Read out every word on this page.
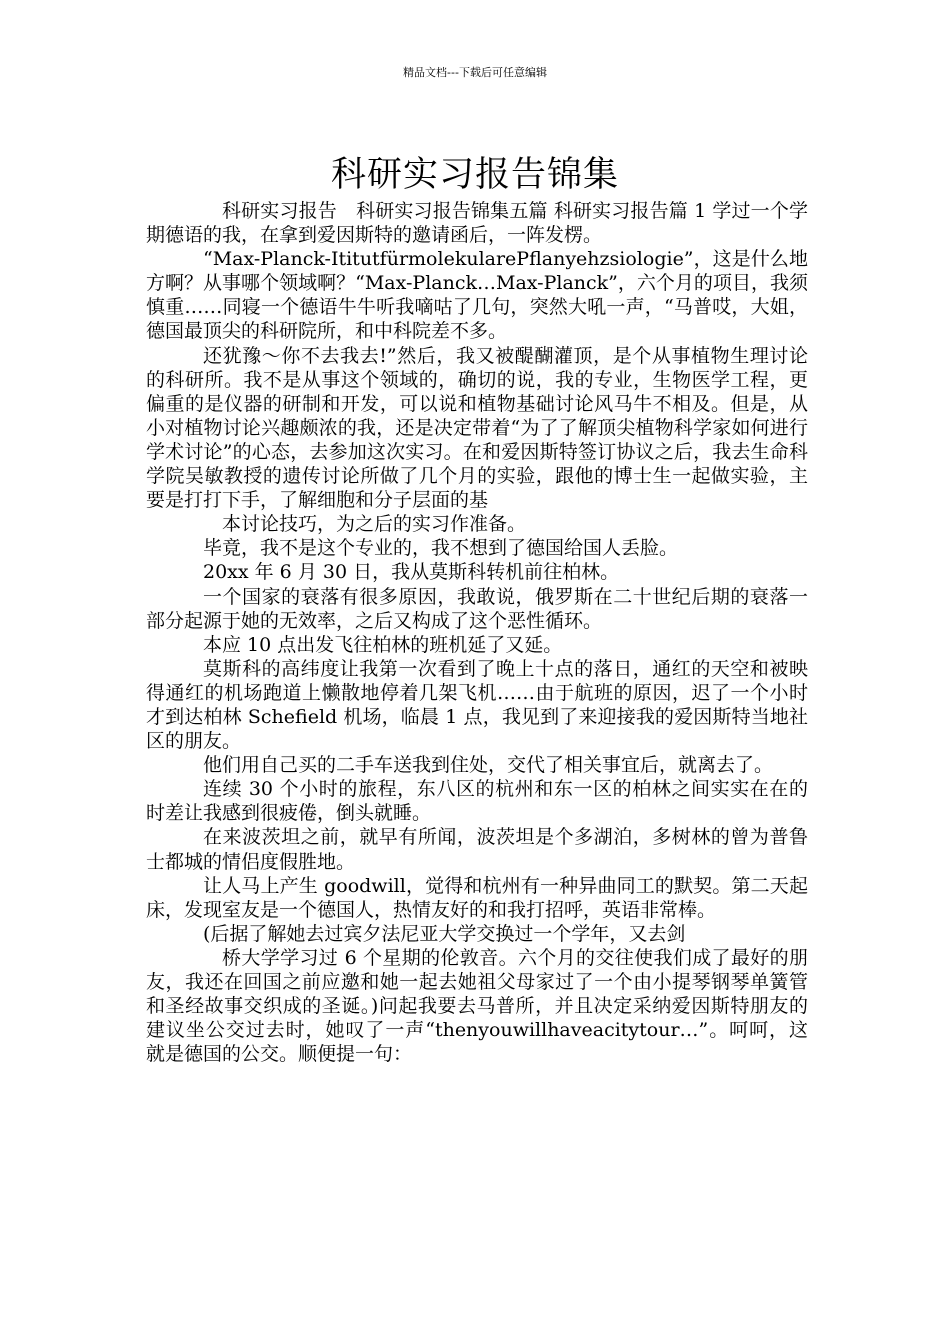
精品文档---下载后可任意编辑
科研实习报告锦集

科研实习报告　科研实习报告锦集五篇 科研实习报告篇 1 学过一个学期德语的我，在拿到爱因斯特的邀请函后，一阵发楞。

“Max-Planck-ItitutfürmolekularePflanyehzsiologie”，这是什么地方啊？从事哪个领域啊？“Max-Planck…Max-Planck”，六个月的项目，我须慎重……同寝一个德语牛牛听我嘀咕了几句，突然大吼一声，“马普哎，大姐，德国最顶尖的科研院所，和中科院差不多。

还犹豫～你不去我去!”然后，我又被醍醐灌顶，是个从事植物生理讨论的科研所。我不是从事这个领域的，确切的说，我的专业，生物医学工程，更偏重的是仪器的研制和开发，可以说和植物基础讨论风马牛不相及。但是，从小对植物讨论兴趣颇浓的我，还是决定带着“为了了解顶尖植物科学家如何进行学术讨论”的心态，去参加这次实习。在和爱因斯特签订协议之后，我去生命科学院吴敏教授的遗传讨论所做了几个月的实验，跟他的博士生一起做实验，主要是打打下手，了解细胞和分子层面的基

本讨论技巧，为之后的实习作准备。

毕竟，我不是这个专业的，我不想到了德国给国人丢脸。

20xx 年 6 月 30 日，我从莫斯科转机前往柏林。

一个国家的衰落有很多原因，我敢说，俄罗斯在二十世纪后期的衰落一部分起源于她的无效率，之后又构成了这个恶性循环。

本应 10 点出发飞往柏林的班机延了又延。

莫斯科的高纬度让我第一次看到了晚上十点的落日，通红的天空和被映得通红的机场跑道上懒散地停着几架飞机……由于航班的原因，迟了一个小时才到达柏林 Schefield 机场，临晨 1 点，我见到了来迎接我的爱因斯特当地社区的朋友。

他们用自己买的二手车送我到住处，交代了相关事宜后，就离去了。

连续 30 个小时的旅程，东八区的杭州和东一区的柏林之间实实在在的时差让我感到很疲倦，倒头就睡。

在来波茨坦之前，就早有所闻，波茨坦是个多湖泊，多树林的曾为普鲁士都城的情侣度假胜地。

让人马上产生 goodwill，觉得和杭州有一种异曲同工的默契。第二天起床，发现室友是一个德国人，热情友好的和我打招呼，英语非常棒。

(后据了解她去过宾夕法尼亚大学交换过一个学年，又去剑

桥大学学习过 6 个星期的伦敦音。六个月的交往使我们成了最好的朋友，我还在回国之前应邀和她一起去她祖父母家过了一个由小提琴钢琴单簧管和圣经故事交织成的圣诞。)问起我要去马普所，并且决定采纳爱因斯特朋友的建议坐公交过去时，她叹了一声“thenyouwillhaveacitytour…”。呵呵，这就是德国的公交。顺便提一句：
